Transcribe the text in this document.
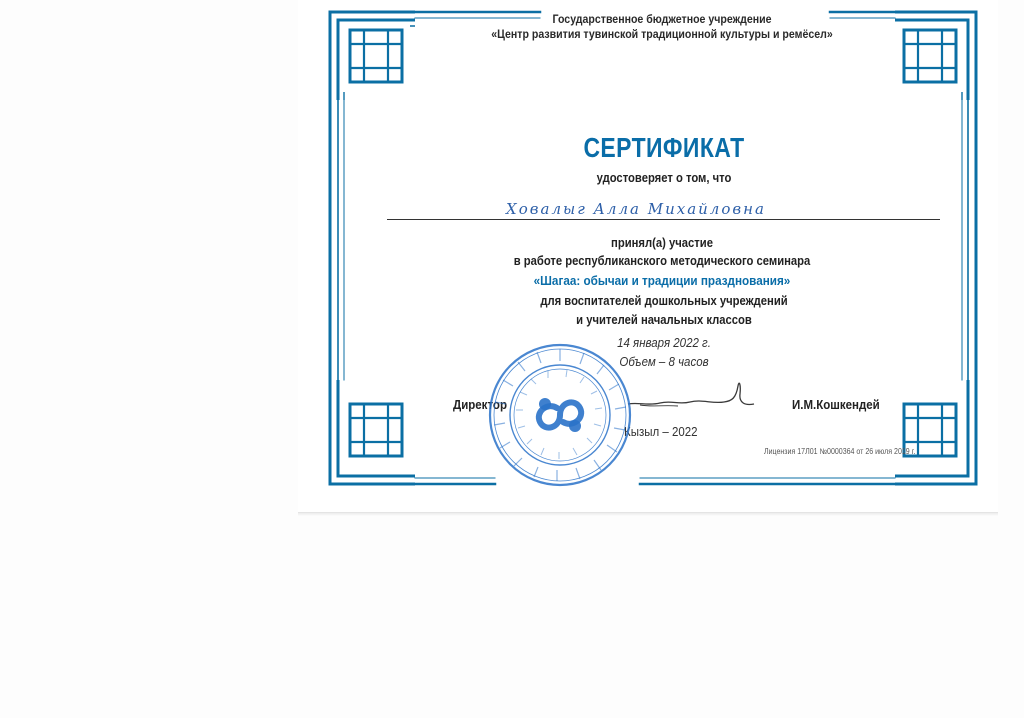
Государственное бюджетное учреждение
«Центр развития тувинской традиционной культуры и ремёсел»
СЕРТИФИКАТ
удостоверяет о том, что
Ховалыг Алла Михайловна
принял(а) участие
в работе республиканского методического семинара
«Шагаа: обычаи и традиции празднования»
для воспитателей дошкольных учреждений
и учителей начальных классов
14 января 2022 г.
Объем – 8 часов
Директор	И.М.Кошкендей
Кызыл – 2022
Лицензия 17Л01 №0000364 от 26 июля 2019 г.
